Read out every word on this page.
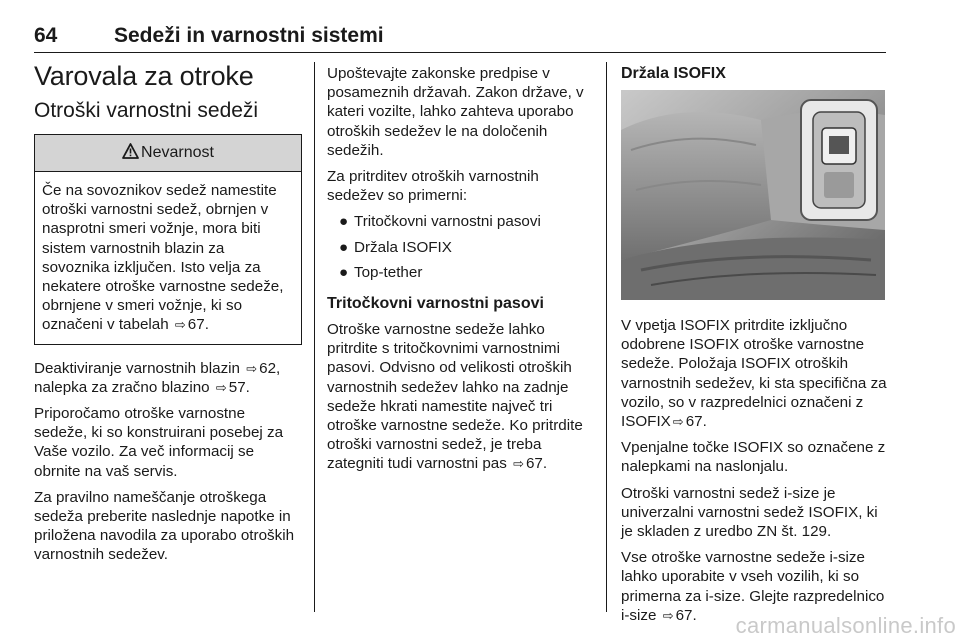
64	Sedeži in varnostni sistemi
Varovala za otroke
Otroški varnostni sedeži
Nevarnost
Če na sovoznikov sedež namestite otroški varnostni sedež, obrnjen v nasprotni smeri vožnje, mora biti sistem varnostnih blazin za sovoznika izključen. Isto velja za nekatere otroške varnostne sedeže, obrnjene v smeri vožnje, ki so označeni v tabelah ⇨ 67.

Deaktiviranje varnostnih blazin ⇨ 62, nalepka za zračno blazino ⇨ 57.

Priporočamo otroške varnostne sedeže, ki so konstruirani posebej za Vaše vozilo. Za več informacij se obrnite na vaš servis.

Za pravilno nameščanje otroškega sedeža preberite naslednje napotke in priložena navodila za uporabo otroških varnostnih sedežev.

Upoštevajte zakonske predpise v posameznih državah. Zakon države, v kateri vozilte, lahko zahteva uporabo otroških sedežev le na določenih sedežih.

Za pritrditev otroških varnostnih sedežev so primerni:

● Tritočkovni varnostni pasovi
● Držala ISOFIX
● Top-tether
Tritočkovni varnostni pasovi

Otroške varnostne sedeže lahko pritrdite s tritočkovnimi varnostnimi pasovi. Odvisno od velikosti otroških varnostnih sedežev lahko na zadnje sedeže hkrati namestite največ tri otroške varnostne sedeže. Ko pritrdite otroški varnostni sedež, je treba zategniti tudi varnostni pas ⇨ 67.

Držala ISOFIX

V vpetja ISOFIX pritrdite izključno odobrene ISOFIX otroške varnostne sedeže. Položaja ISOFIX otroških varnostnih sedežev, ki sta specifična za vozilo, so v razpredelnici označeni z ISOFIX ⇨ 67.

Vpenjalne točke ISOFIX so označene z nalepkami na naslonjalu.

Otroški varnostni sedež i-size je univerzalni varnostni sedež ISOFIX, ki je skladen z uredbo ZN št. 129.

Vse otroške varnostne sedeže i-size lahko uporabite v vseh vozilih, ki so primerna za i-size. Glejte razpredelnico i-size ⇨ 67.	carmanualsonline.info
